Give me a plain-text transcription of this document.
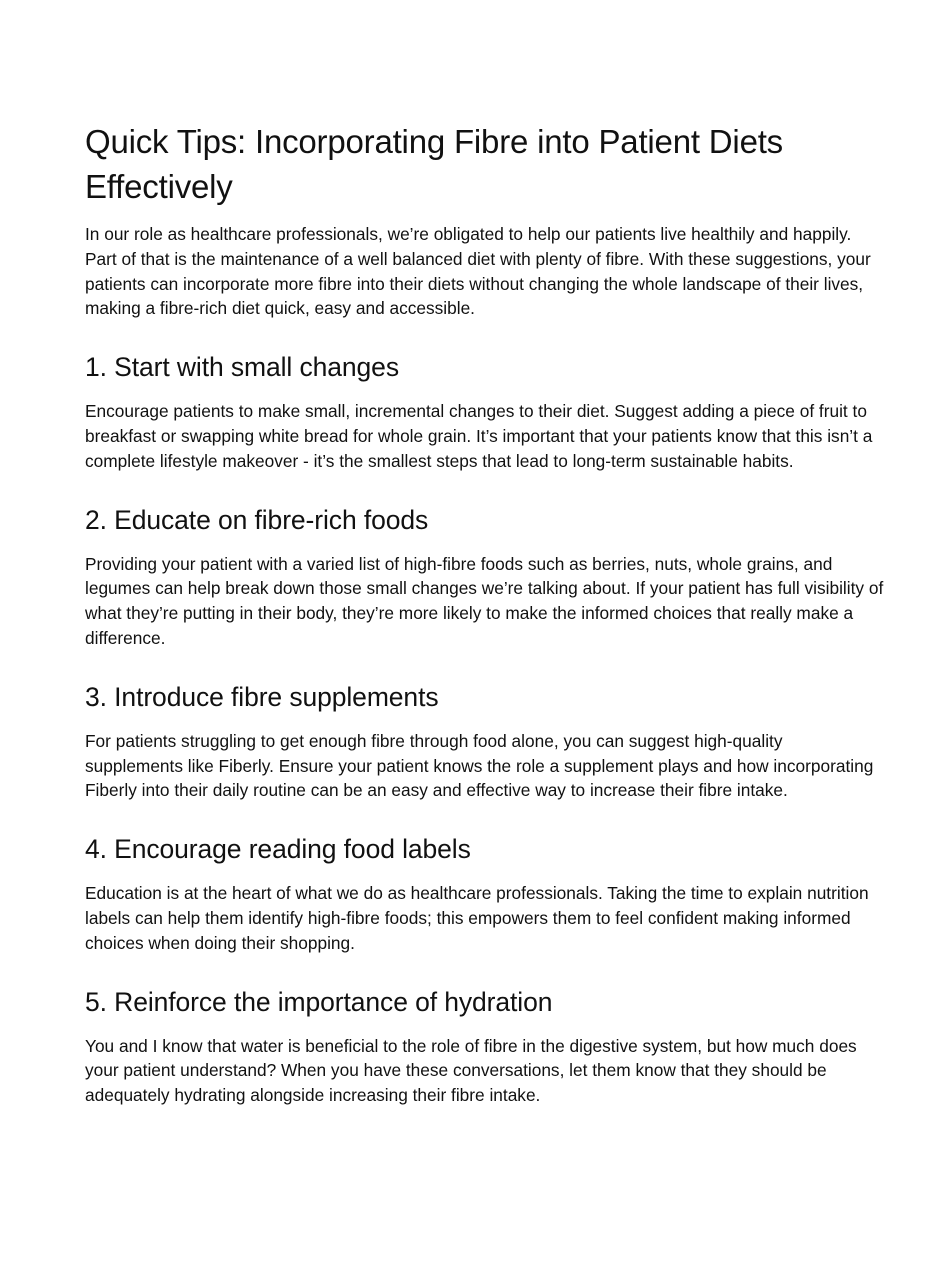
Quick Tips: Incorporating Fibre into Patient Diets Effectively

In our role as healthcare professionals, we’re obligated to help our patients live healthily and happily. Part of that is the maintenance of a well balanced diet with plenty of fibre. With these suggestions, your patients can incorporate more fibre into their diets without changing the whole landscape of their lives, making a fibre-rich diet quick, easy and accessible.

1. Start with small changes

Encourage patients to make small, incremental changes to their diet. Suggest adding a piece of fruit to breakfast or swapping white bread for whole grain. It’s important that your patients know that this isn’t a complete lifestyle makeover - it’s the smallest steps that lead to long-term sustainable habits.

2. Educate on fibre-rich foods

Providing your patient with a varied list of high-fibre foods such as berries, nuts, whole grains, and legumes can help break down those small changes we’re talking about. If your patient has full visibility of what they’re putting in their body, they’re more likely to make the informed choices that really make a difference.

3. Introduce fibre supplements

For patients struggling to get enough fibre through food alone, you can suggest high-quality supplements like Fiberly. Ensure your patient knows the role a supplement plays and how incorporating Fiberly into their daily routine can be an easy and effective way to increase their fibre intake.

4. Encourage reading food labels

Education is at the heart of what we do as healthcare professionals. Taking the time to explain nutrition labels can help them identify high-fibre foods; this empowers them to feel confident making informed choices when doing their shopping.

5. Reinforce the importance of hydration

You and I know that water is beneficial to the role of fibre in the digestive system, but how much does your patient understand? When you have these conversations, let them know that they should be adequately hydrating alongside increasing their fibre intake.
